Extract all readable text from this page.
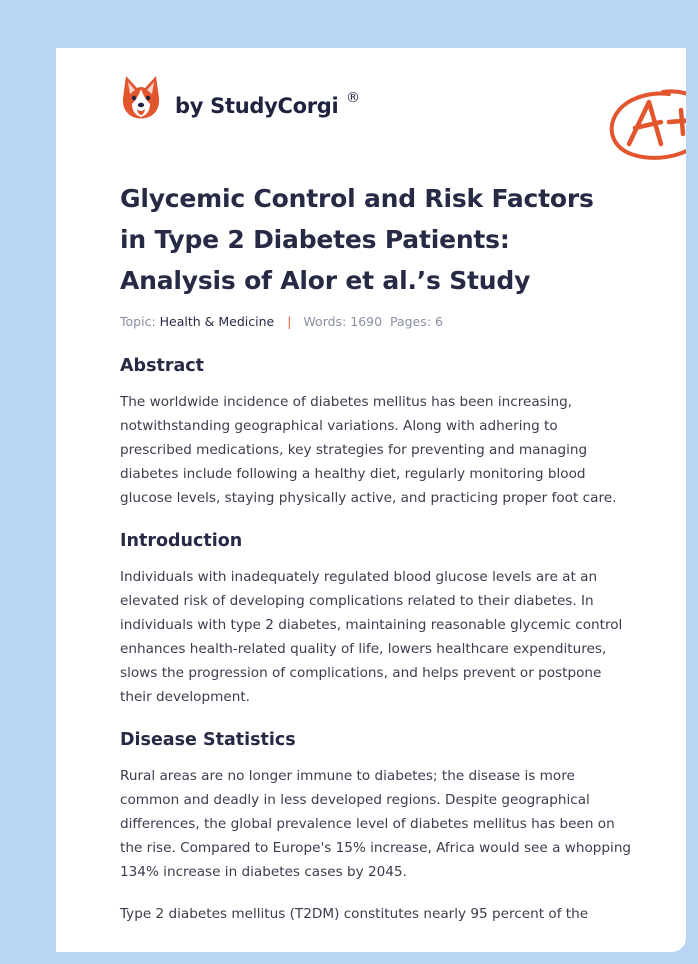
by StudyCorgi ®
Glycemic Control and Risk Factors
in Type 2 Diabetes Patients:
Analysis of Alor et al.’s Study
Topic: Health & Medicine | Words: 1690 Pages: 6
Abstract

The worldwide incidence of diabetes mellitus has been increasing,
notwithstanding geographical variations. Along with adhering to
prescribed medications, key strategies for preventing and managing
diabetes include following a healthy diet, regularly monitoring blood
glucose levels, staying physically active, and practicing proper foot care.

Introduction

Individuals with inadequately regulated blood glucose levels are at an
elevated risk of developing complications related to their diabetes. In
individuals with type 2 diabetes, maintaining reasonable glycemic control
enhances health-related quality of life, lowers healthcare expenditures,
slows the progression of complications, and helps prevent or postpone
their development.

Disease Statistics

Rural areas are no longer immune to diabetes; the disease is more
common and deadly in less developed regions. Despite geographical
differences, the global prevalence level of diabetes mellitus has been on
the rise. Compared to Europe's 15% increase, Africa would see a whopping
134% increase in diabetes cases by 2045.

Type 2 diabetes mellitus (T2DM) constitutes nearly 95 percent of the
